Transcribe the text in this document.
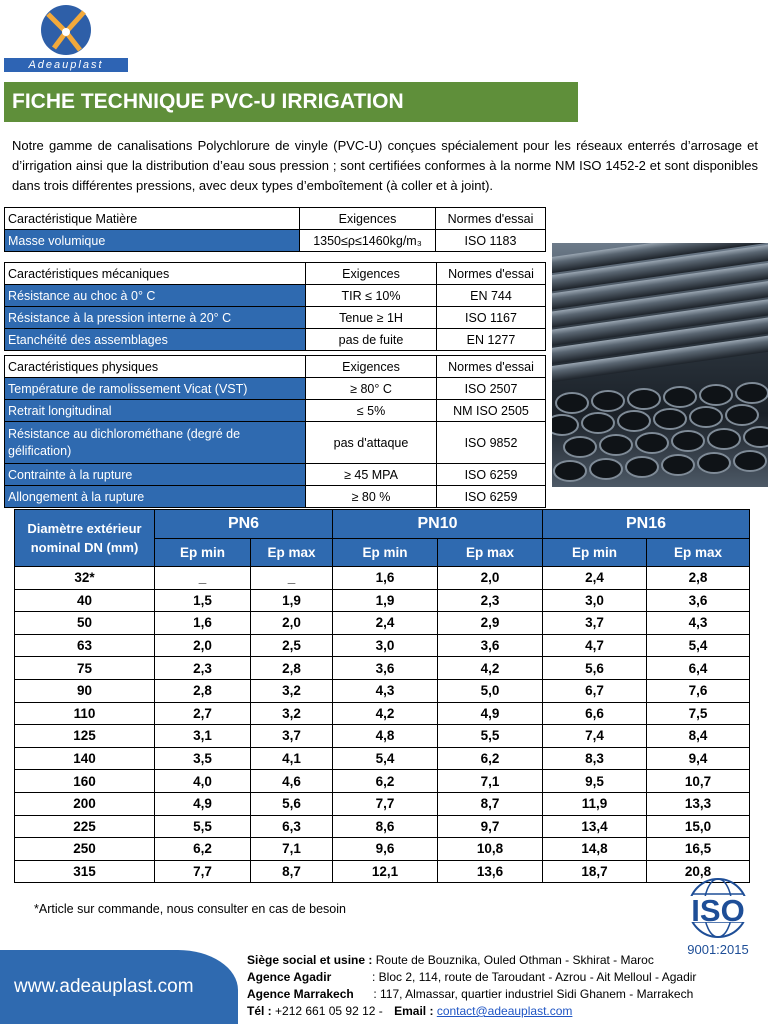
Adeauplast
FICHE TECHNIQUE PVC-U IRRIGATION

Notre gamme de canalisations Polychlorure de vinyle (PVC-U) conçues spécialement pour les réseaux enterrés d’arrosage et d’irrigation ainsi que la distribution d’eau sous pression ; sont certifiées conformes à la norme NM ISO 1452-2 et sont disponibles dans trois différentes pressions, avec deux types d’emboîtement (à coller et à joint).

Caractéristique Matière	Exigences	Normes d'essai
Masse volumique	1350≤ρ≤1460kg/m₃	ISO 1183
Caractéristiques mécaniques	Exigences	Normes d'essai
Résistance au choc à 0° C	TIR ≤ 10%	EN 744
Résistance à la pression interne à 20° C	Tenue ≥ 1H	ISO 1167
Etanchéité des assemblages	pas de fuite	EN 1277
Caractéristiques physiques	Exigences	Normes d'essai
Température de ramolissement Vicat (VST)	≥ 80° C	ISO 2507
Retrait longitudinal	≤ 5%	NM ISO 2505
Résistance au dichlorométhane (degré de gélification)	pas d'attaque	ISO 9852
Contrainte à la rupture	≥ 45 MPA	ISO 6259
Allongement à la rupture	≥ 80 %	ISO 6259
Diamètre extérieur nominal DN (mm)	PN6		PN10		PN16	
	Ep min	Ep max	Ep min	Ep max	Ep min	Ep max
32*	_	_	1,6	2,0	2,4	2,8
40	1,5	1,9	1,9	2,3	3,0	3,6
50	1,6	2,0	2,4	2,9	3,7	4,3
63	2,0	2,5	3,0	3,6	4,7	5,4
75	2,3	2,8	3,6	4,2	5,6	6,4
90	2,8	3,2	4,3	5,0	6,7	7,6
110	2,7	3,2	4,2	4,9	6,6	7,5
125	3,1	3,7	4,8	5,5	7,4	8,4
140	3,5	4,1	5,4	6,2	8,3	9,4
160	4,0	4,6	6,2	7,1	9,5	10,7
200	4,9	5,6	7,7	8,7	11,9	13,3
225	5,5	6,3	8,6	9,7	13,4	15,0
250	6,2	7,1	9,6	10,8	14,8	16,5
315	7,7	8,7	12,1	13,6	18,7	20,8
*Article sur commande, nous consulter en cas de besoin	ISO
9001:2015
www.adeauplast.com
Siège social et usine : Route de Bouznika, Ouled Othman - Skhirat - Maroc
Agence Agadir	: Bloc 2, 114, route de Taroudant - Azrou - Ait Melloul - Agadir
Agence Marrakech : 117, Almassar, quartier industriel Sidi Ghanem - Marrakech
Tél : +212 661 05 92 12 - Email : contact@adeauplast.com
